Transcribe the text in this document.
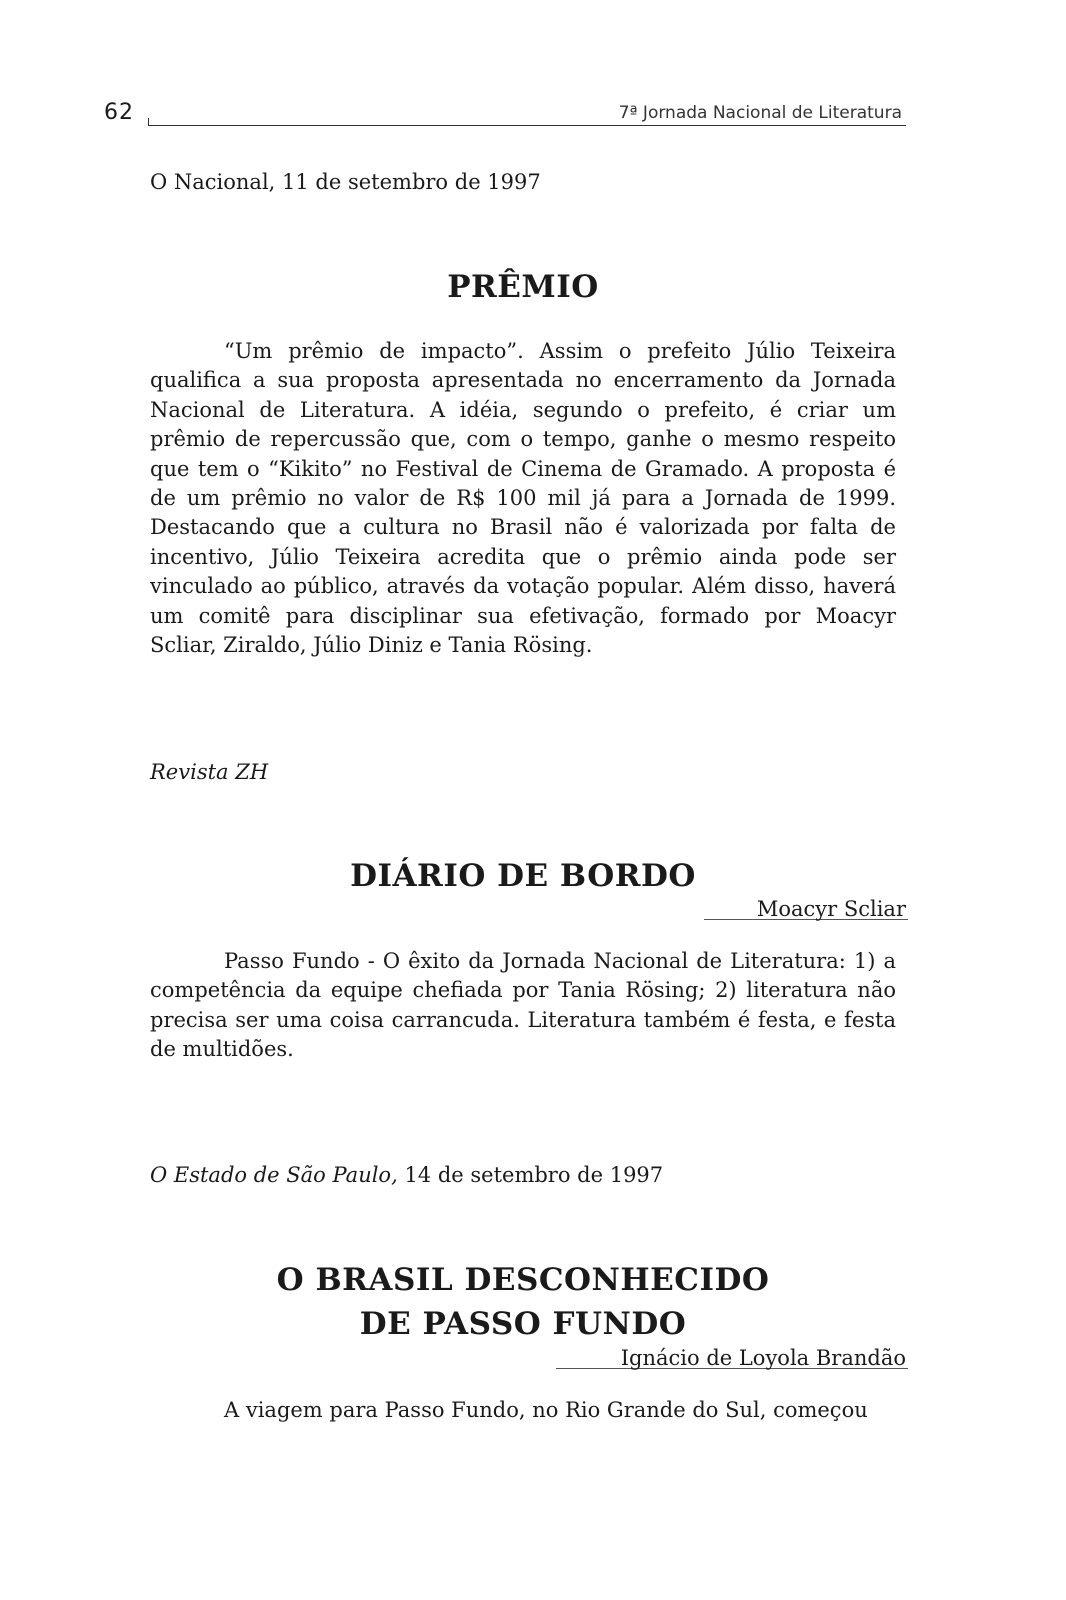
62	7ª Jornada Nacional de Literatura

O Nacional, 11 de setembro de 1997

PRÊMIO

“Um prêmio de impacto”. Assim o prefeito Júlio Teixeira qualifica a sua proposta apresentada no encerramento da Jornada Nacional de Literatura. A idéia, segundo o prefeito, é criar um prêmio de repercussão que, com o tempo, ganhe o mesmo respeito que tem o “Kikito” no Festival de Cinema de Gramado. A proposta é de um prêmio no valor de R$ 100 mil já para a Jornada de 1999. Destacando que a cultura no Brasil não é valorizada por falta de incentivo, Júlio Teixeira acredita que o prêmio ainda pode ser vinculado ao público, através da votação popular. Além disso, haverá um comitê para disciplinar sua efetivação, formado por Moacyr Scliar, Ziraldo, Júlio Diniz e Tania Rösing.

Revista ZH

DIÁRIO DE BORDO
Moacyr Scliar

Passo Fundo - O êxito da Jornada Nacional de Literatura: 1) a competência da equipe chefiada por Tania Rösing; 2) literatura não precisa ser uma coisa carrancuda. Literatura também é festa, e festa de multidões.

O Estado de São Paulo, 14 de setembro de 1997

O BRASIL DESCONHECIDO
DE PASSO FUNDO
Ignácio de Loyola Brandão

A viagem para Passo Fundo, no Rio Grande do Sul, começou
